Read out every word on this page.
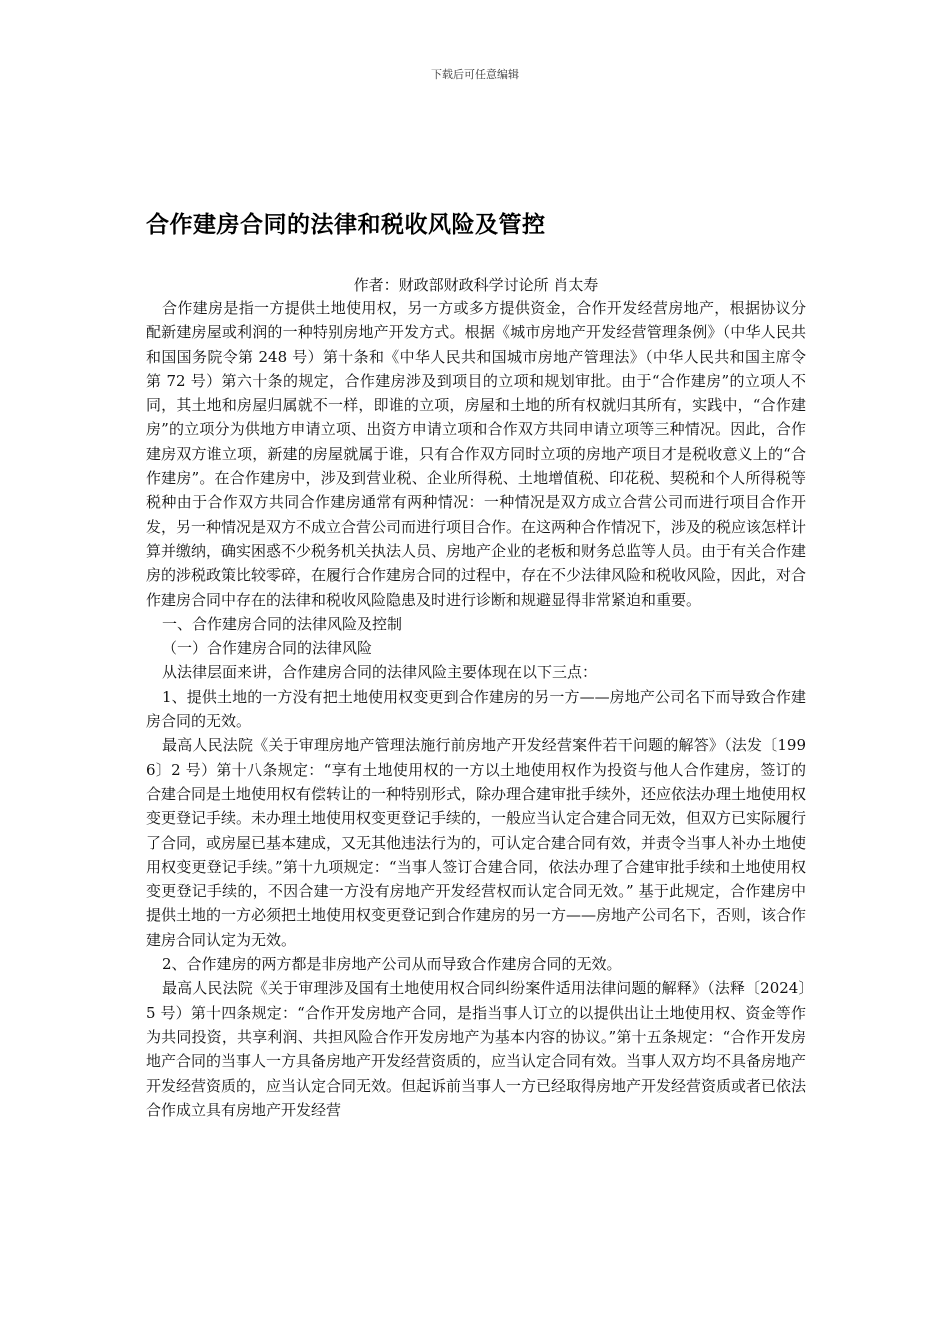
下载后可任意编辑
合作建房合同的法律和税收风险及管控
作者：财政部财政科学讨论所 肖太寿

合作建房是指一方提供土地使用权，另一方或多方提供资金，合作开发经营房地产，根据协议分配新建房屋或利润的一种特别房地产开发方式。根据《城市房地产开发经营管理条例》（中华人民共和国国务院令第 248 号）第十条和《中华人民共和国城市房地产管理法》（中华人民共和国主席令第 72 号）第六十条的规定，合作建房涉及到项目的立项和规划审批。由于“合作建房”的立项人不同，其土地和房屋归属就不一样，即谁的立项，房屋和土地的所有权就归其所有，实践中，“合作建房”的立项分为供地方申请立项、出资方申请立项和合作双方共同申请立项等三种情况。因此，合作建房双方谁立项，新建的房屋就属于谁，只有合作双方同时立项的房地产项目才是税收意义上的“合作建房”。在合作建房中，涉及到营业税、企业所得税、土地增值税、印花税、契税和个人所得税等税种由于合作双方共同合作建房通常有两种情况：一种情况是双方成立合营公司而进行项目合作开发，另一种情况是双方不成立合营公司而进行项目合作。在这两种合作情况下，涉及的税应该怎样计算并缴纳，确实困惑不少税务机关执法人员、房地产企业的老板和财务总监等人员。由于有关合作建房的涉税政策比较零碎，在履行合作建房合同的过程中，存在不少法律风险和税收风险，因此，对合作建房合同中存在的法律和税收风险隐患及时进行诊断和规避显得非常紧迫和重要。

一、合作建房合同的法律风险及控制

（一）合作建房合同的法律风险

从法律层面来讲，合作建房合同的法律风险主要体现在以下三点：

1、提供土地的一方没有把土地使用权变更到合作建房的另一方——房地产公司名下而导致合作建房合同的无效。

最高人民法院《关于审理房地产管理法施行前房地产开发经营案件若干问题的解答》（法发〔1996〕2 号）第十八条规定：“享有土地使用权的一方以土地使用权作为投资与他人合作建房，签订的合建合同是土地使用权有偿转让的一种特别形式，除办理合建审批手续外，还应依法办理土地使用权变更登记手续。未办理土地使用权变更登记手续的，一般应当认定合建合同无效，但双方已实际履行了合同，或房屋已基本建成，又无其他违法行为的，可认定合建合同有效，并责令当事人补办土地使用权变更登记手续。”第十九项规定：“当事人签订合建合同，依法办理了合建审批手续和土地使用权变更登记手续的，不因合建一方没有房地产开发经营权而认定合同无效。” 基于此规定，合作建房中提供土地的一方必须把土地使用权变更登记到合作建房的另一方——房地产公司名下，否则，该合作建房合同认定为无效。

2、合作建房的两方都是非房地产公司从而导致合作建房合同的无效。

最高人民法院《关于审理涉及国有土地使用权合同纠纷案件适用法律问题的解释》（法释〔2024〕5 号）第十四条规定：“合作开发房地产合同，是指当事人订立的以提供出让土地使用权、资金等作为共同投资，共享利润、共担风险合作开发房地产为基本内容的协议。”第十五条规定：“合作开发房地产合同的当事人一方具备房地产开发经营资质的，应当认定合同有效。当事人双方均不具备房地产开发经营资质的，应当认定合同无效。但起诉前当事人一方已经取得房地产开发经营资质或者已依法合作成立具有房地产开发经营
